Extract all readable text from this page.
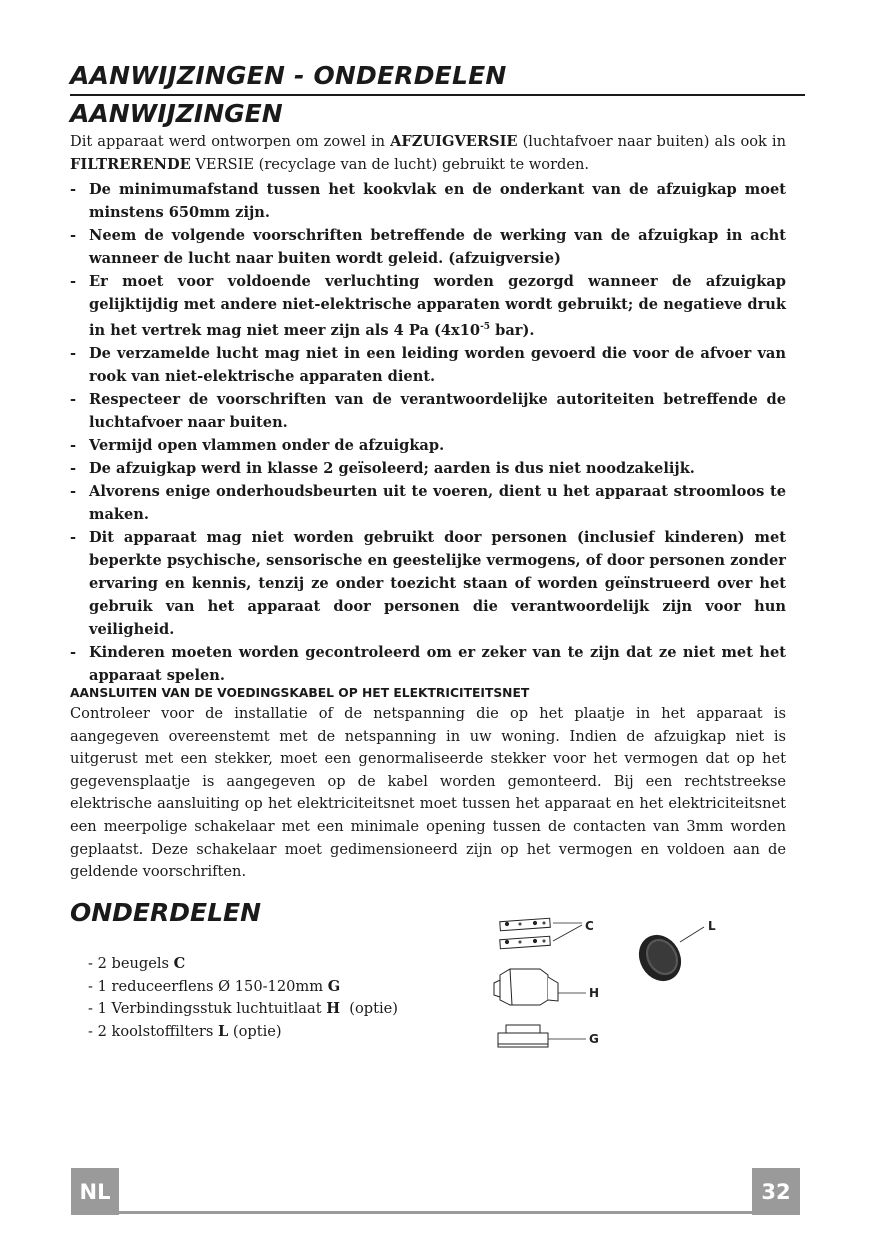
AANWIJZINGEN - ONDERDELEN
AANWIJZINGEN

Dit apparaat werd ontworpen om zowel in AFZUIGVERSIE (luchtafvoer naar buiten) als ook in FILTRERENDE VERSIE (recyclage van de lucht) gebruikt te worden.

- De minimumafstand tussen het kookvlak en de onderkant van de afzuigkap moet minstens 650mm zijn.
- Neem de volgende voorschriften betreffende de werking van de afzuigkap in acht wanneer de lucht naar buiten wordt geleid. (afzuigversie)
- Er moet voor voldoende verluchting worden gezorgd wanneer de afzuigkap gelijktijdig met andere niet-elektrische apparaten wordt gebruikt; de negatieve druk in het vertrek mag niet meer zijn als 4 Pa ($4x10^{-5}$ bar).
- De verzamelde lucht mag niet in een leiding worden gevoerd die voor de afvoer van rook van niet-elektrische apparaten dient.
- Respecteer de voorschriften van de verantwoordelijke autoriteiten betreffende de luchtafvoer naar buiten.
- Vermijd open vlammen onder de afzuigkap.
- De afzuigkap werd in klasse 2 geïsoleerd; aarden is dus niet noodzakelijk.
- Alvorens enige onderhoudsbeurten uit te voeren, dient u het apparaat stroomloos te maken.
- Dit apparaat mag niet worden gebruikt door personen (inclusief kinderen) met beperkte psychische, sensorische en geestelijke vermogens, of door personen zonder ervaring en kennis, tenzij ze onder toezicht staan of worden geïnstrueerd over het gebruik van het apparaat door personen die verantwoordelijk zijn voor hun veiligheid.
- Kinderen moeten worden gecontroleerd om er zeker van te zijn dat ze niet met het apparaat spelen.
AANSLUITEN VAN DE VOEDINGSKABEL OP HET ELEKTRICITEITSNET

Controleer voor de installatie of de netspanning die op het plaatje in het apparaat is aangegeven overeenstemt met de netspanning in uw woning. Indien de afzuigkap niet is uitgerust met een stekker, moet een genormaliseerde stekker voor het vermogen dat op het gegevensplaatje is aangegeven op de kabel worden gemonteerd. Bij een rechtstreekse elektrische aansluiting op het elektriciteitsnet moet tussen het apparaat en het elektriciteitsnet een meerpolige schakelaar met een minimale opening tussen de contacten van 3mm worden geplaatst. Deze schakelaar moet gedimensioneerd zijn op het vermogen en voldoen aan de geldende voorschriften.

ONDERDELEN
- 2 beugels C
- 1 reduceerflens Ø 150-120mm G
- 1 Verbindingsstuk luchtuitlaat H  (optie)
- 2 koolstoffilters L (optie)
C
H
G
L
NL	32
